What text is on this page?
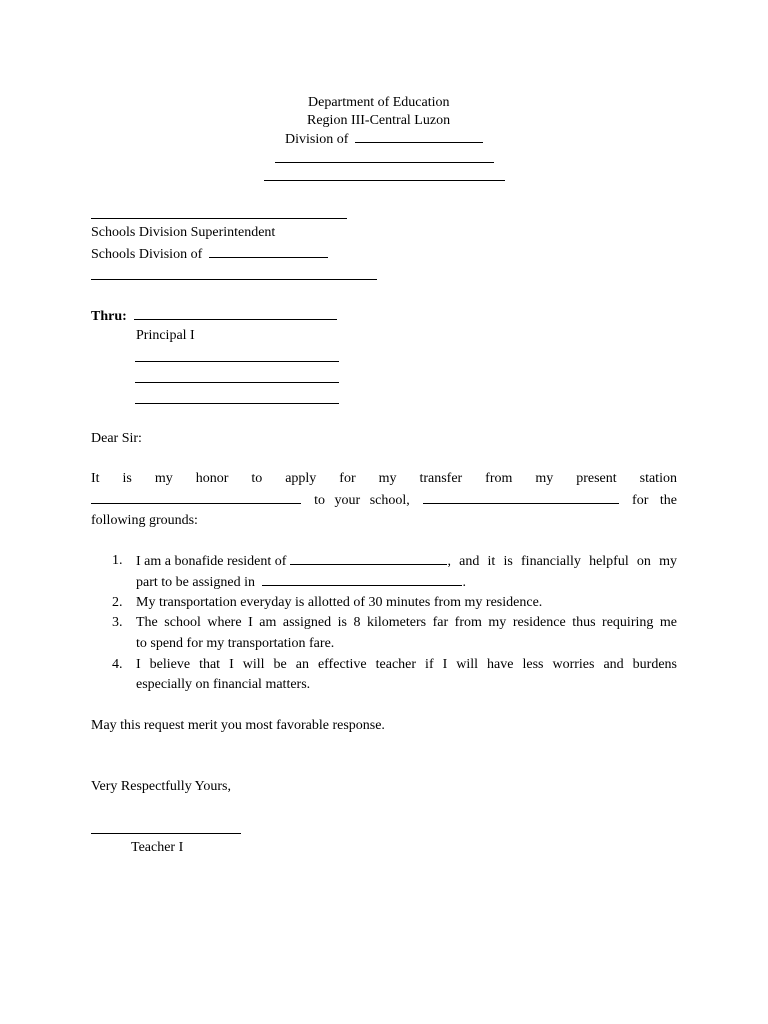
Department of Education
Region III-Central Luzon
Division of
Schools Division Superintendent
Schools Division of
Thru:
Principal I
Dear Sir:
It is my honor to apply for my transfer from my present station
to your school,	for the
following grounds:
1. I am a bonafide resident of	, and it is financially helpful on my
part to be assigned in	.
2. My transportation everyday is allotted of 30 minutes from my residence.
3. The school where I am assigned is 8 kilometers far from my residence thus requiring me
to spend for my transportation fare.
4. I believe that I will be an effective teacher if I will have less worries and burdens
especially on financial matters.
May this request merit you most favorable response.
Very Respectfully Yours,
Teacher I
